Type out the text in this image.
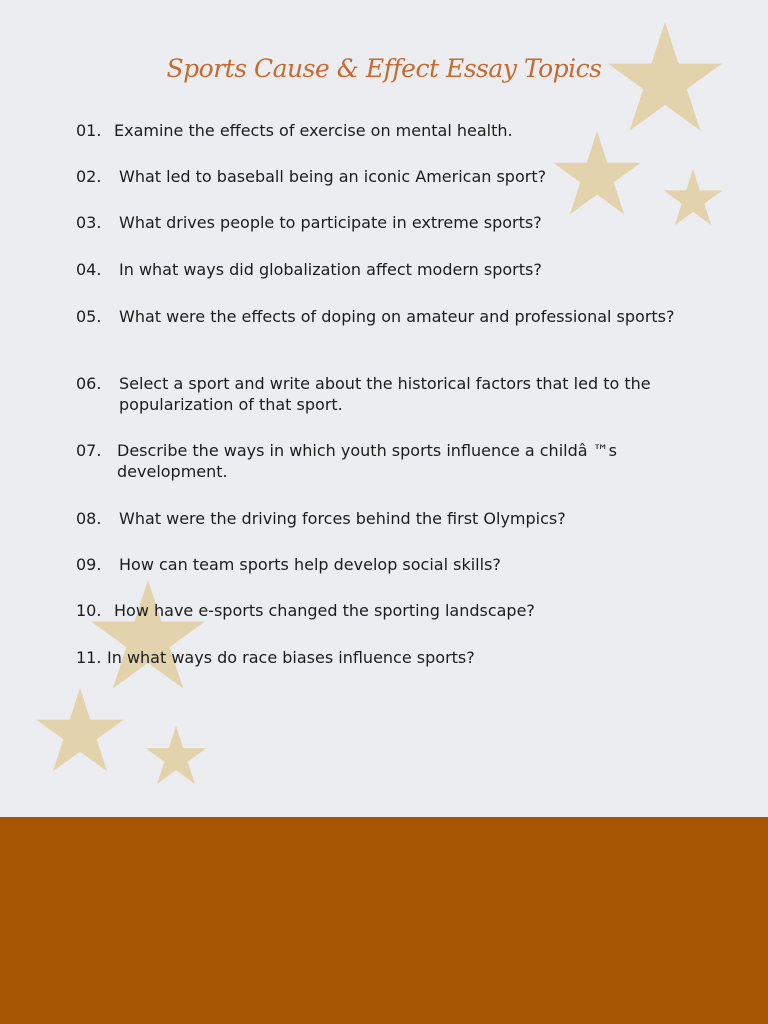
Sports Cause & Effect Essay Topics
01. Examine the effects of exercise on mental health.
02.	What led to baseball being an iconic American sport?
03.	What drives people to participate in extreme sports?
04.	In what ways did globalization affect modern sports?
05.	What were the effects of doping on amateur and professional sports?
06.	Select a sport and write about the historical factors that led to the popularization of that sport.
07. Describe the ways in which youth sports influence a childâ ™s development.
08.	What were the driving forces behind the first Olympics?
09.	How can team sports help develop social skills?
10. How have e-sports changed the sporting landscape?
11. In what ways do race biases influence sports?
